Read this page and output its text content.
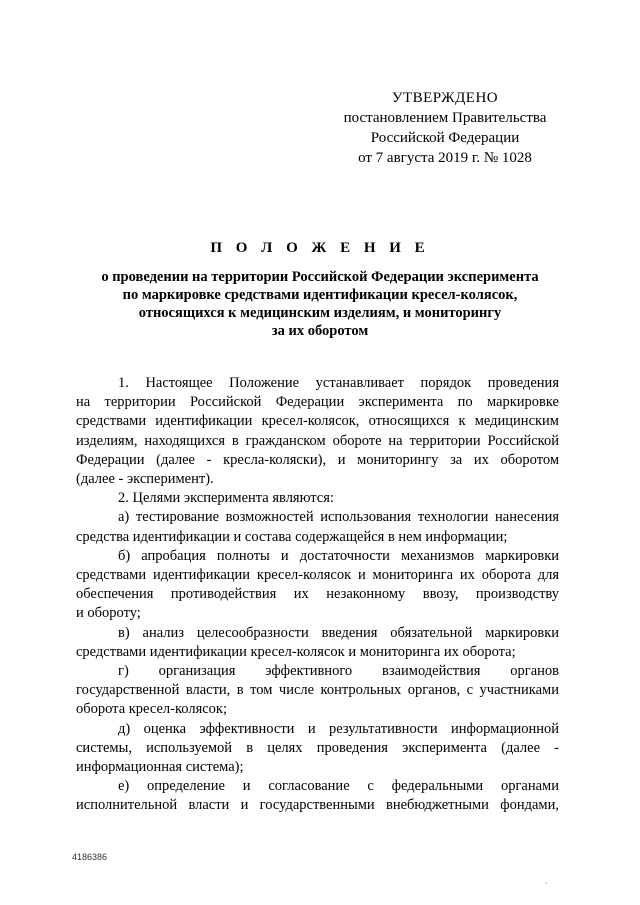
УТВЕРЖДЕНО
постановлением Правительства
Российской Федерации
от 7 августа 2019 г. № 1028
П О Л О Ж Е Н И Е
о проведении на территории Российской Федерации эксперимента
по маркировке средствами идентификации кресел-колясок,
относящихся к медицинским изделиям, и мониторингу
за их оборотом
1. Настоящее Положение устанавливает порядок проведения
на территории Российской Федерации эксперимента по маркировке
средствами идентификации кресел-колясок, относящихся к медицинским
изделиям, находящихся в гражданском обороте на территории Российской
Федерации (далее - кресла-коляски), и мониторингу за их оборотом
(далее - эксперимент).
2. Целями эксперимента являются:
а) тестирование возможностей использования технологии нанесения
средства идентификации и состава содержащейся в нем информации;
б) апробация полноты и достаточности механизмов маркировки
средствами идентификации кресел-колясок и мониторинга их оборота для
обеспечения противодействия их незаконному ввозу, производству
и обороту;
в) анализ целесообразности введения обязательной маркировки
средствами идентификации кресел-колясок и мониторинга их оборота;
г) организация эффективного взаимодействия органов
государственной власти, в том числе контрольных органов, с участниками
оборота кресел-колясок;
д) оценка эффективности и результативности информационной
системы, используемой в целях проведения эксперимента (далее -
информационная система);
е) определение и согласование с федеральными органами
исполнительной власти и государственными внебюджетными фондами,
4186386
